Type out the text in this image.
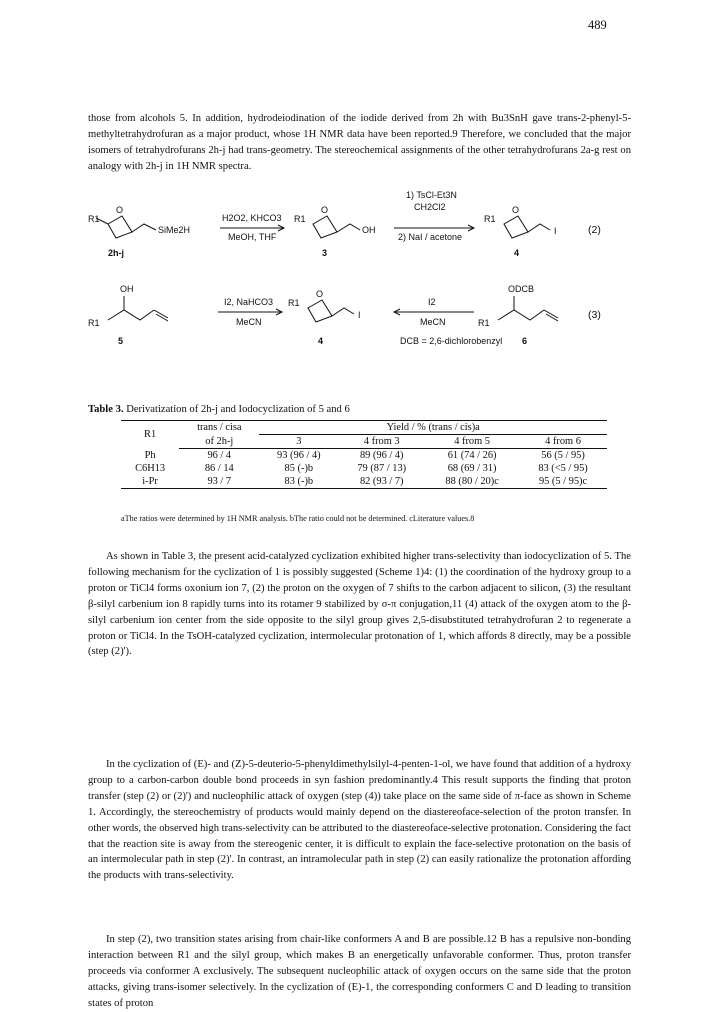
489

those from alcohols 5. In addition, hydrodeiodination of the iodide derived from 2h with Bu3SnH gave trans-2-phenyl-5-methyltetrahydrofuran as a major product, whose 1H NMR data have been reported.9 Therefore, we concluded that the major isomers of tetrahydrofurans 2h-j had trans-geometry. The stereochemical assignments of the other tetrahydrofurans 2a-g rest on analogy with 2h-j in 1H NMR spectra.

R1
O
SiMe2H
H2O2, KHCO3
MeOH, THF
R1
O
OH
1) TsCl-Et3N
CH2Cl2
2) NaI / acetone
R1
O
I	(2)
2h-j	3	4
R1
OH
I2, NaHCO3
MeCN
R1
O
I
I2
MeCN	R1
ODCB
(3)
5	4	DCB = 2,6-dichlorobenzyl 6
Table 3. Derivatization of 2h-j and Iodocyclization of 5 and 6
R1	trans / cisa	Yield / % (trans / cis)a			
	of 2h-j	3	4 from 3	4 from 5	4 from 6
Ph	96 / 4	93 (96 / 4)	89 (96 / 4)	61 (74 / 26)	56 (5 / 95)
C6H13	86 / 14	85 (-)b	79 (87 / 13)	68 (69 / 31)	83 (<5 / 95)
i-Pr	93 / 7	83 (-)b	82 (93 / 7)	88 (80 / 20)c	95 (5 / 95)c
aThe ratios were determined by 1H NMR analysis. bThe ratio could not be determined. cLiterature values.8

As shown in Table 3, the present acid-catalyzed cyclization exhibited higher trans-selectivity than iodocyclization of 5. The following mechanism for the cyclization of 1 is possibly suggested (Scheme 1)4: (1) the coordination of the hydroxy group to a proton or TiCl4 forms oxonium ion 7, (2) the proton on the oxygen of 7 shifts to the carbon adjacent to silicon, (3) the resultant β-silyl carbenium ion 8 rapidly turns into its rotamer 9 stabilized by σ-π conjugation,11 (4) attack of the oxygen atom to the β-silyl carbenium ion center from the side opposite to the silyl group gives 2,5-disubstituted tetrahydrofuran 2 to regenerate a proton or TiCl4. In the TsOH-catalyzed cyclization, intermolecular protonation of 1, which affords 8 directly, may be a possible (step (2)').

In the cyclization of (E)- and (Z)-5-deuterio-5-phenyldimethylsilyl-4-penten-1-ol, we have found that addition of a hydroxy group to a carbon-carbon double bond proceeds in syn fashion predominantly.4 This result supports the finding that proton transfer (step (2) or (2)') and nucleophilic attack of oxygen (step (4)) take place on the same side of π-face as shown in Scheme 1. Accordingly, the stereochemistry of products would mainly depend on the diastereoface-selection of the proton transfer. In other words, the observed high trans-selectivity can be attributed to the diastereoface-selective protonation. Considering the fact that the reaction site is away from the stereogenic center, it is difficult to explain the face-selective protonation on the basis of an intermolecular path in step (2)'. In contrast, an intramolecular path in step (2) can easily rationalize the protonation affording the products with trans-selectivity.

In step (2), two transition states arising from chair-like conformers A and B are possible.12 B has a repulsive non-bonding interaction between R1 and the silyl group, which makes B an energetically unfavorable conformer. Thus, proton transfer proceeds via conformer A exclusively. The subsequent nucleophilic attack of oxygen occurs on the same side that the proton attacks, giving trans-isomer selectively. In the cyclization of (E)-1, the corresponding conformers C and D leading to transition states of proton
